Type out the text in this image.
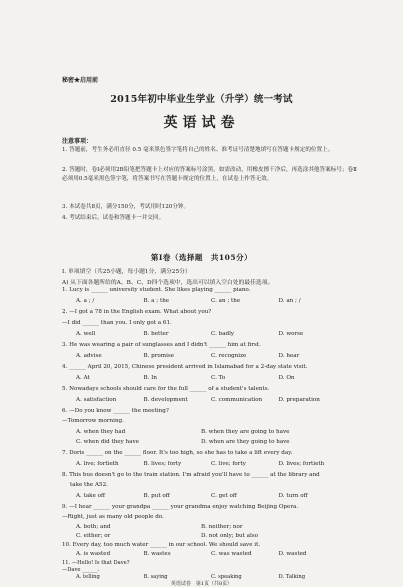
秘密★启用前
2015年初中毕业生学业（升学）统一考试
英语试卷
注意事项：
1. 答题前，考生务必用直径 0.5 毫米黑色签字笔将自己的姓名、准考证号清楚地填写在答题卡规定的位置上。
2. 答题时，卷Ⅰ必须用2B铅笔把答题卡上对应的答案标号涂黑，如需改动，用橡皮擦干净后，再选涂其他答案标号；卷Ⅱ必须用0.5毫米黑色签字笔，将答案书写在答题卡规定的位置上，在试卷上作答无效。
3. 本试卷共8页，满分150分，考试用时120分钟。
4. 考试结束后，试卷和答题卡一并交回。
第Ⅰ卷（选择题　共105分）
Ⅰ. 单项填空（共25小题，每小题1分，满分25分）
A) 从下面各题所给的A、B、C、D四个选项中，选出可以填入空白处的最佳选项。
1. Lucy is ______ university student. She likes playing ______ piano.
A. a ; /	B. a ; the	C. an ; the	D. an ; /
2. —I got a 78 in the English exam. What about you?
—I did ______ than you. I only got a 61.
A. well	B. better	C. badly	D. worse
3. He was wearing a pair of sunglasses and I didn't ______ him at first.
A. advise	B. promise	C. recognize	D. hear
4. ______ April 20, 2015, Chinese president arrived in Islamabad for a 2-day state visit.
A. At	B. In	C. To	D. On
5. Nowadays schools should care for the full ______ of a student's talents.
A. satisfaction	B. development	C. communication	D. preparation
6. —Do you know ______ the meeting?
—Tomorrow morning.
A. when they had	B. when they are going to have
C. when did they have	D. when are they going to have
7. Doris ______ on the ______ floor. It's too high, so she has to take a lift every day.
A. live; fortieth	B. lives; forty	C. live; forty	D. lives; fortieth
8. This bus doesn't go to the train station. I'm afraid you'll have to ______ at the library and
take the A52.
A. take off	B. put off	C. get off	D. turn off
9. —I hear ______ your grandpa ______ your grandma enjoy watching Beijing Opera.
—Right, just as many old people do.
A. both; and	B. neither; nor
C. either; or	D. not only; but also
10. Every day, too much water ______ in our school. We should save it.
A. is wasted	B. wastes	C. was wasted	D. wasted
11. —Hello! Is that Dave?
—Dave ______.
A. telling	B. saying	C. speaking	D. Talking
英语试卷　第1页（共8页）
